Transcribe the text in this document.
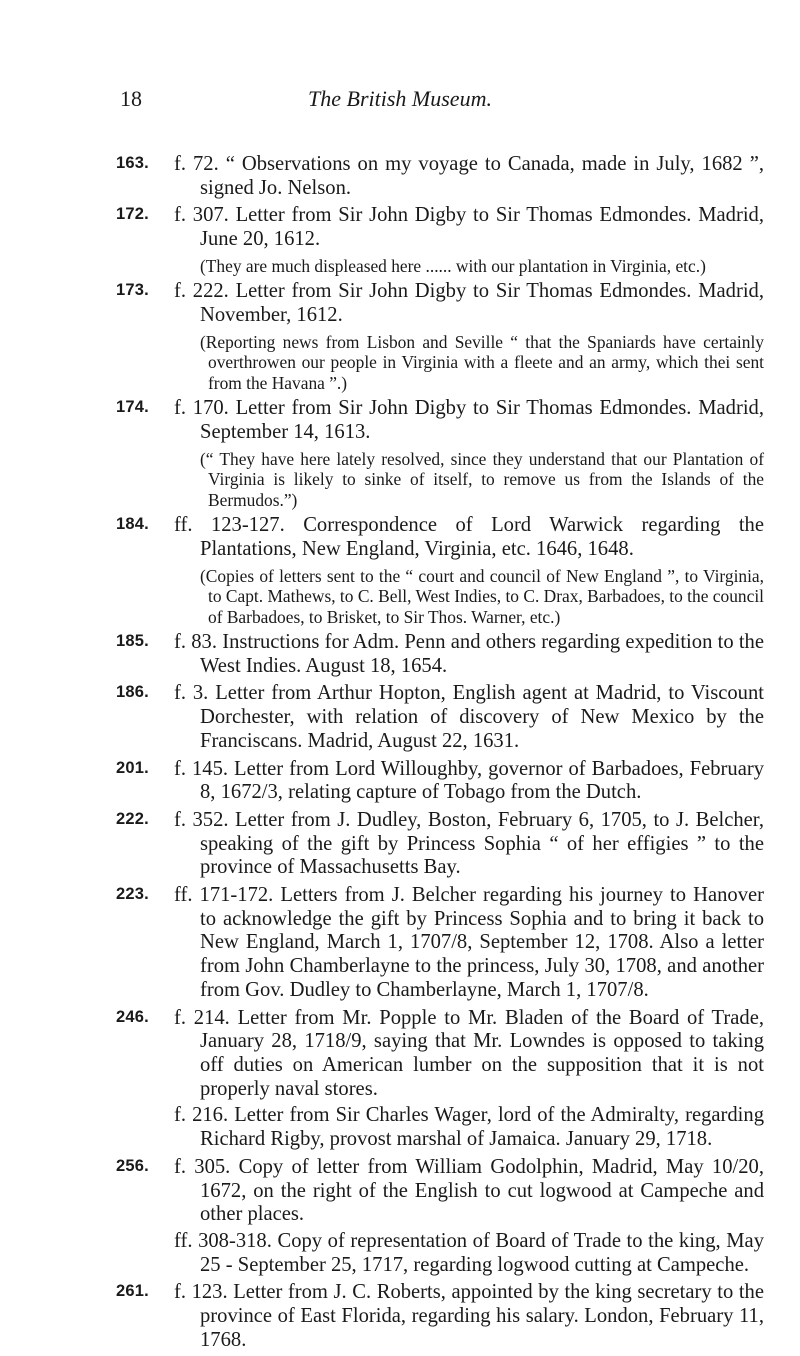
18	The British Museum.
163. f. 72. “ Observations on my voyage to Canada, made in July, 1682 ”, signed Jo. Nelson.
172. f. 307. Letter from Sir John Digby to Sir Thomas Edmondes. Madrid, June 20, 1612.
(They are much displeased here ...... with our plantation in Virginia, etc.)
173. f. 222. Letter from Sir John Digby to Sir Thomas Edmondes. Madrid, November, 1612.
(Reporting news from Lisbon and Seville “ that the Spaniards have certainly overthrowen our people in Virginia with a fleete and an army, which thei sent from the Havana ”.)
174. f. 170. Letter from Sir John Digby to Sir Thomas Edmondes. Madrid, September 14, 1613.
(“ They have here lately resolved, since they understand that our Plantation of Virginia is likely to sinke of itself, to remove us from the Islands of the Bermudos.”)
184. ff. 123-127. Correspondence of Lord Warwick regarding the Plantations, New England, Virginia, etc. 1646, 1648.
(Copies of letters sent to the “ court and council of New England ”, to Virginia, to Capt. Mathews, to C. Bell, West Indies, to C. Drax, Barbadoes, to the council of Barbadoes, to Brisket, to Sir Thos. Warner, etc.)
185. f. 83. Instructions for Adm. Penn and others regarding expedition to the West Indies. August 18, 1654.
186. f. 3. Letter from Arthur Hopton, English agent at Madrid, to Viscount Dorchester, with relation of discovery of New Mexico by the Franciscans. Madrid, August 22, 1631.
201. f. 145. Letter from Lord Willoughby, governor of Barbadoes, February 8, 1672/3, relating capture of Tobago from the Dutch.
222. f. 352. Letter from J. Dudley, Boston, February 6, 1705, to J. Belcher, speaking of the gift by Princess Sophia “ of her effigies ” to the province of Massachusetts Bay.
223. ff. 171-172. Letters from J. Belcher regarding his journey to Hanover to acknowledge the gift by Princess Sophia and to bring it back to New England, March 1, 1707/8, September 12, 1708. Also a letter from John Chamberlayne to the princess, July 30, 1708, and another from Gov. Dudley to Chamberlayne, March 1, 1707/8.
246. f. 214. Letter from Mr. Popple to Mr. Bladen of the Board of Trade, January 28, 1718/9, saying that Mr. Lowndes is opposed to taking off duties on American lumber on the supposition that it is not properly naval stores.
f. 216. Letter from Sir Charles Wager, lord of the Admiralty, regarding Richard Rigby, provost marshal of Jamaica. January 29, 1718.
256. f. 305. Copy of letter from William Godolphin, Madrid, May 10/20, 1672, on the right of the English to cut logwood at Campeche and other places.
ff. 308-318. Copy of representation of Board of Trade to the king, May 25 - September 25, 1717, regarding logwood cutting at Campeche.
261. f. 123. Letter from J. C. Roberts, appointed by the king secretary to the province of East Florida, regarding his salary. London, February 11, 1768.
